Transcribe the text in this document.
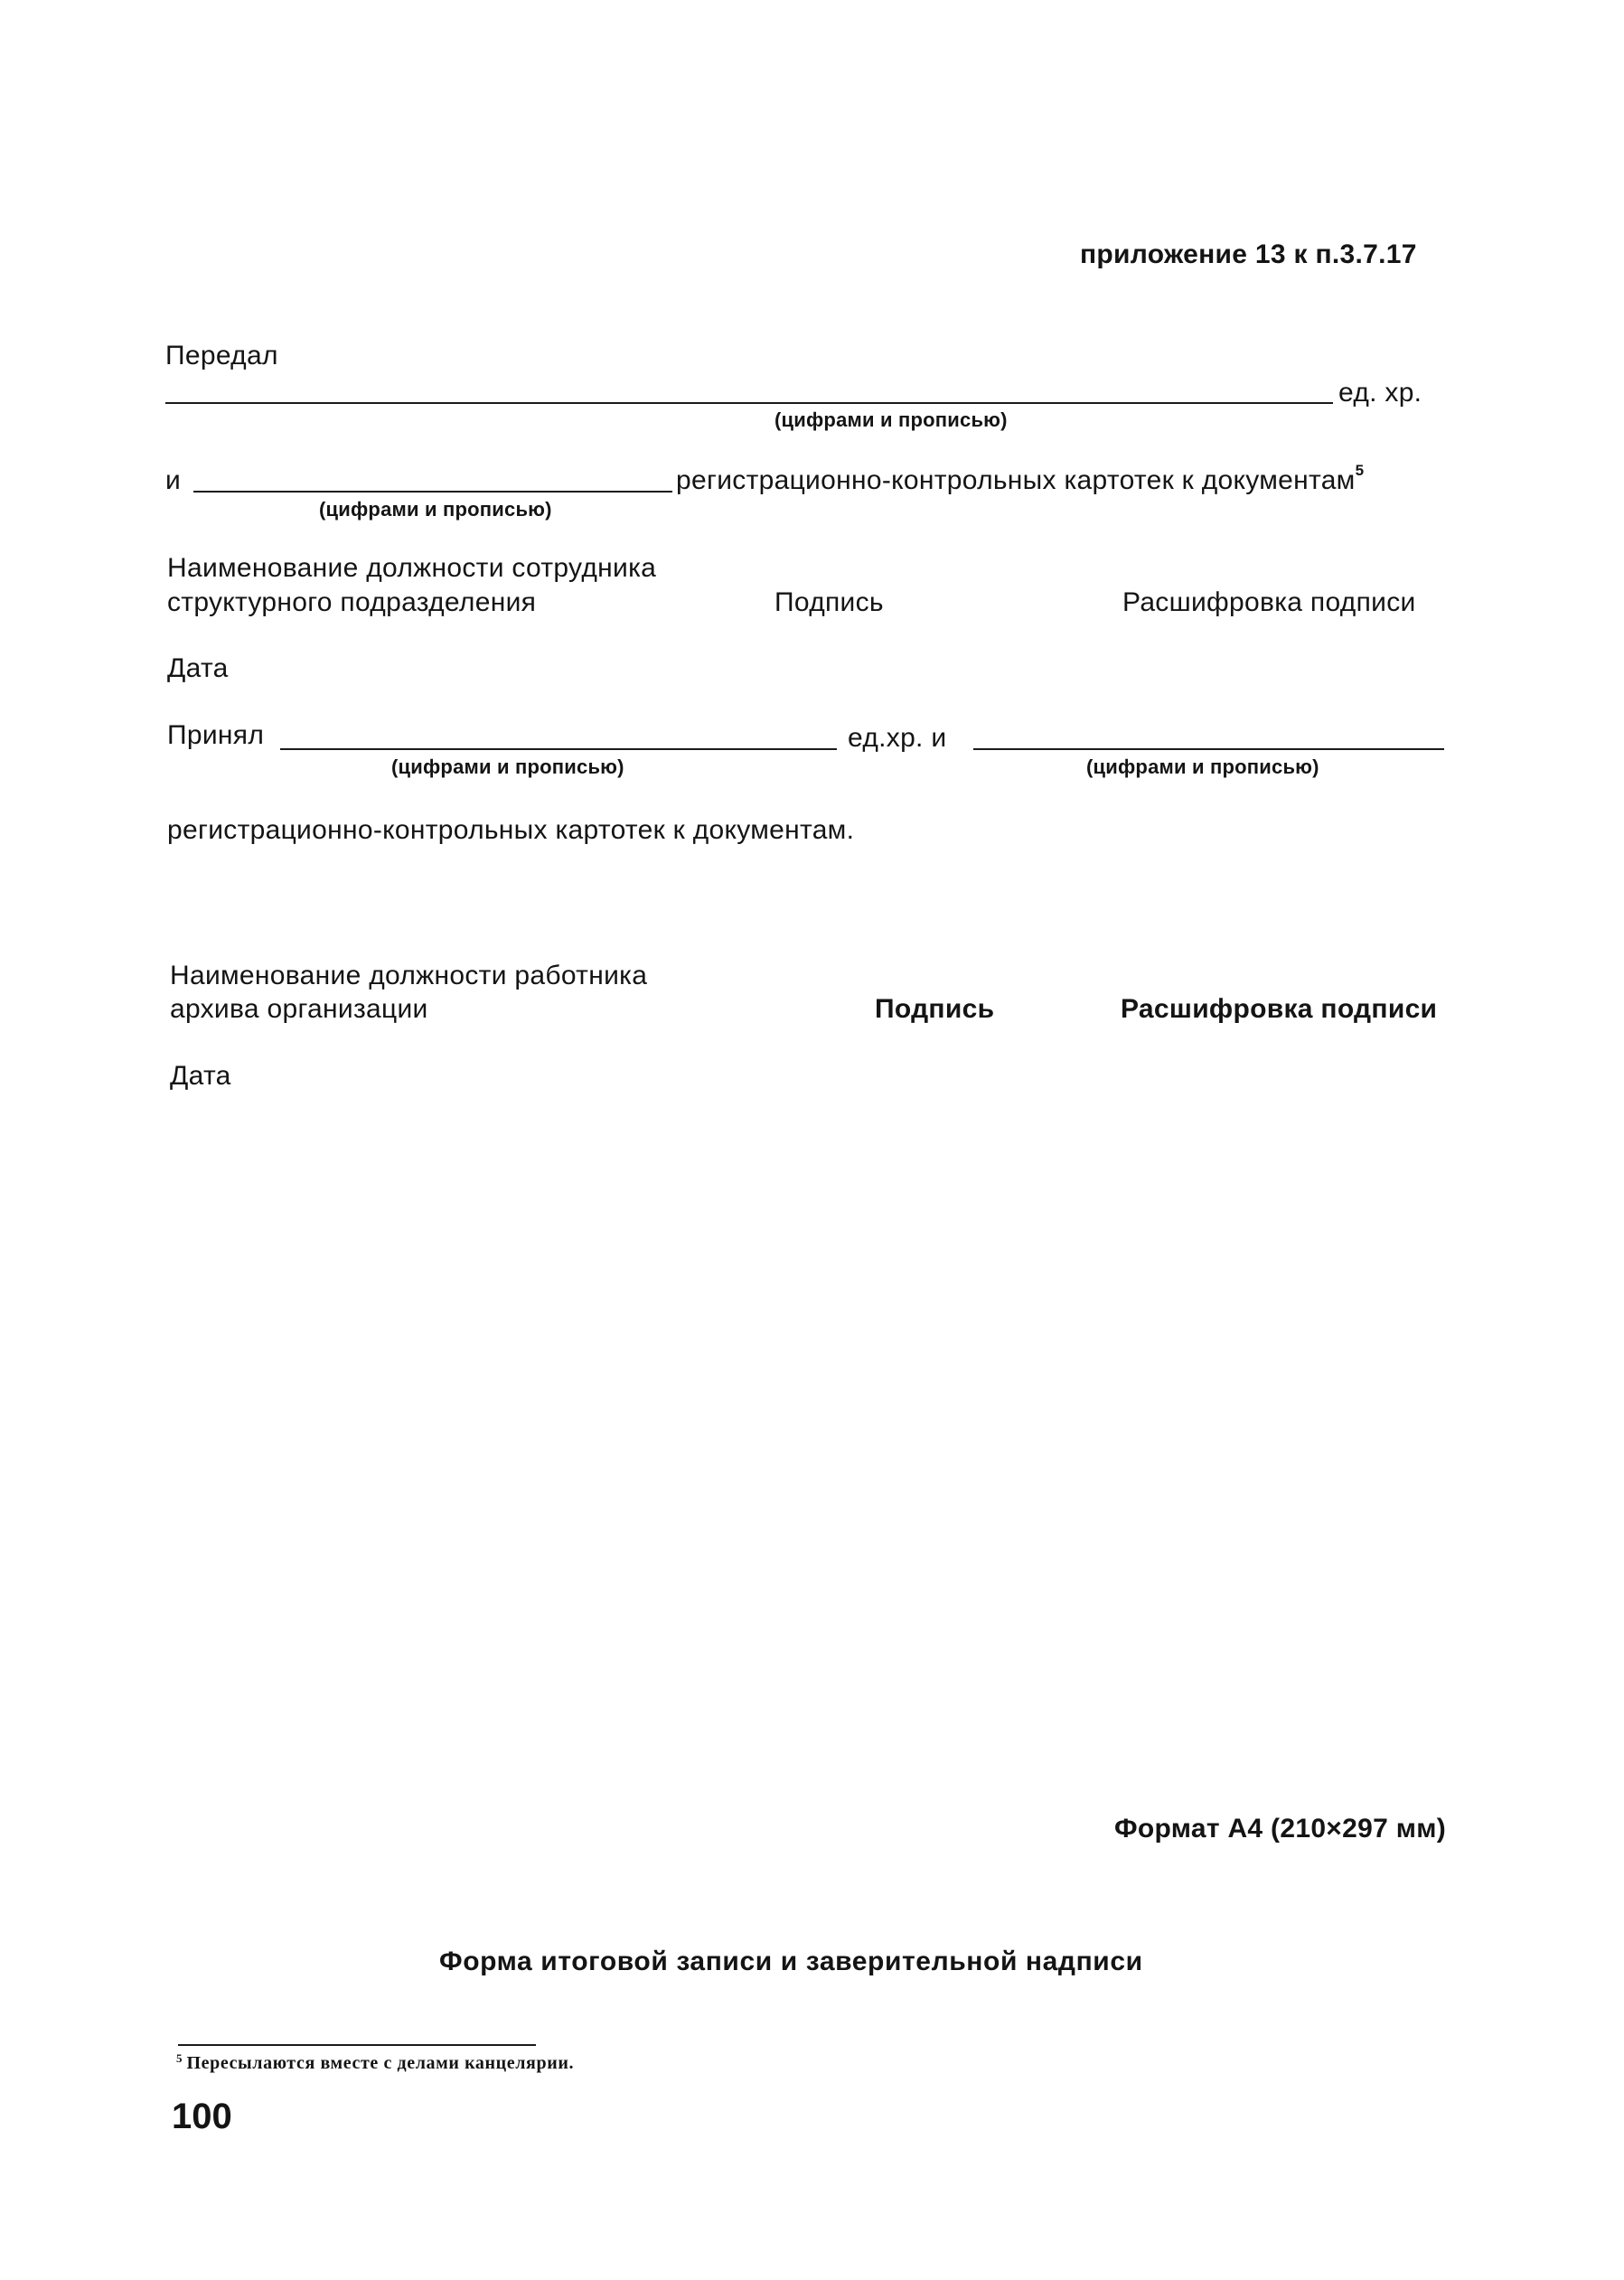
приложение 13 к п.3.7.17
Передал
ед. хр.
(цифрами и прописью)
и	регистрационно-контрольных картотек к документам$^5$
(цифрами и прописью)
Наименование должности сотрудника
структурного подразделения	Подпись	Расшифровка подписи
Дата
Принял	ед.хр. и
(цифрами и прописью)	(цифрами и прописью)
регистрационно-контрольных картотек к документам.
Наименование должности работника
архива организации	Подпись	Расшифровка подписи
Дата
Формат А4 (210×297 мм)
Форма итоговой записи и заверительной надписи
$^5$ Пересылаются вместе с делами канцелярии.
100
